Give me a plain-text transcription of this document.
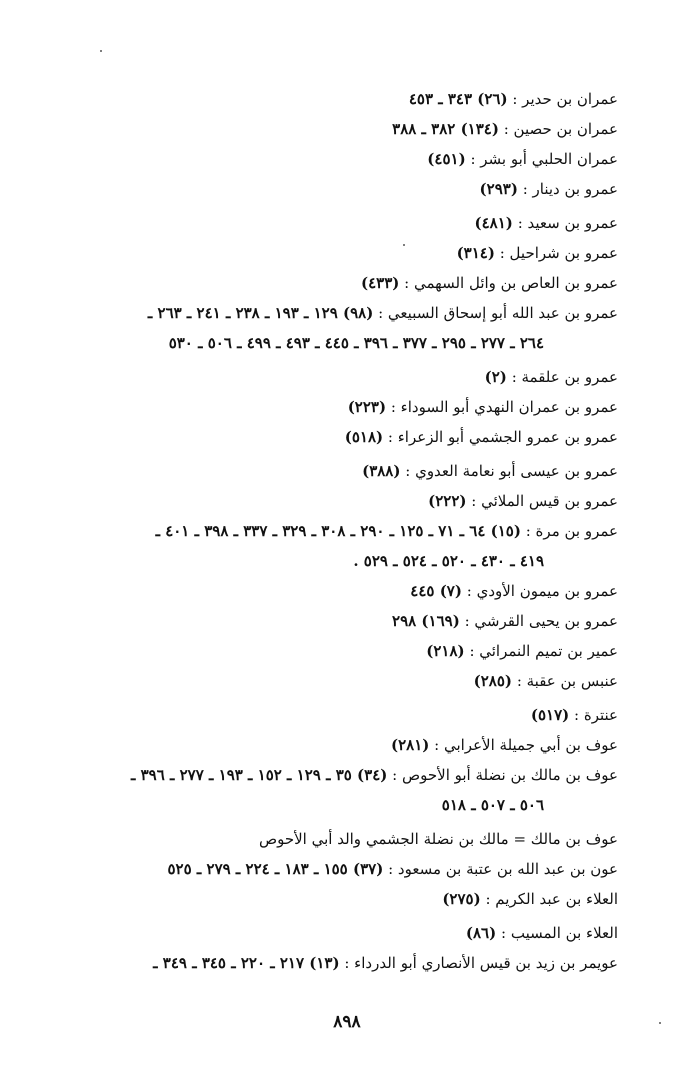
عمران بن حدير : (٢٦) ٣٤٣ ـ ٤٥٣

عمران بن حصين : (١٣٤) ٣٨٢ ـ ٣٨٨

عمران الحلبي أبو بشر : (٤٥١)

عمرو بن دينار : (٢٩٣)

عمرو بن سعيد : (٤٨١)

عمرو بن شراحيل : (٣١٤)

عمرو بن العاص بن وائل السهمي : (٤٣٣)

عمرو بن عبد الله أبو إسحاق السبيعي : (٩٨) ١٢٩ ـ ١٩٣ ـ ٢٣٨ ـ ٢٤١ ـ ٢٦٣ ـ
٢٦٤ ـ ٢٧٧ ـ ٢٩٥ ـ ٣٧٧ ـ ٣٩٦ ـ ٤٤٥ ـ ٤٩٣ ـ ٤٩٩ ـ ٥٠٦ ـ ٥٣٠

عمرو بن علقمة : (٢)

عمرو بن عمران النهدي أبو السوداء : (٢٢٣)

عمرو بن عمرو الجشمي أبو الزعراء : (٥١٨)

عمرو بن عيسى أبو نعامة العدوي : (٣٨٨)

عمرو بن قيس الملائي : (٢٢٢)

عمرو بن مرة : (١٥) ٦٤ ـ ٧١ ـ ١٢٥ ـ ٢٩٠ ـ ٣٠٨ ـ ٣٢٩ ـ ٣٣٧ ـ ٣٩٨ ـ ٤٠١ ـ
٤١٩ ـ ٤٣٠ ـ ٥٢٠ ـ ٥٢٤ ـ ٥٢٩ .

عمرو بن ميمون الأودي : (٧) ٤٤٥

عمرو بن يحيى القرشي : (١٦٩) ٢٩٨

عمير بن تميم النمرائي : (٢١٨)

عنبس بن عقبة : (٢٨٥)

عنترة : (٥١٧)

عوف بن أبي جميلة الأعرابي : (٢٨١)

عوف بن مالك بن نضلة أبو الأحوص : (٣٤) ٣٥ ـ ١٢٩ ـ ١٥٢ ـ ١٩٣ ـ ٢٧٧ ـ ٣٩٦ ـ
٥٠٦ ـ ٥٠٧ ـ ٥١٨

عوف بن مالك = مالك بن نضلة الجشمي والد أبي الأحوص

عون بن عبد الله بن عتبة بن مسعود : (٣٧) ١٥٥ ـ ١٨٣ ـ ٢٢٤ ـ ٢٧٩ ـ ٥٢٥

العلاء بن عبد الكريم : (٢٧٥)

العلاء بن المسيب : (٨٦)

عويمر بن زيد بن قيس الأنصاري أبو الدرداء : (١٣) ٢١٧ ـ ٢٢٠ ـ ٣٤٥ ـ ٣٤٩ ـ

٨٩٨
